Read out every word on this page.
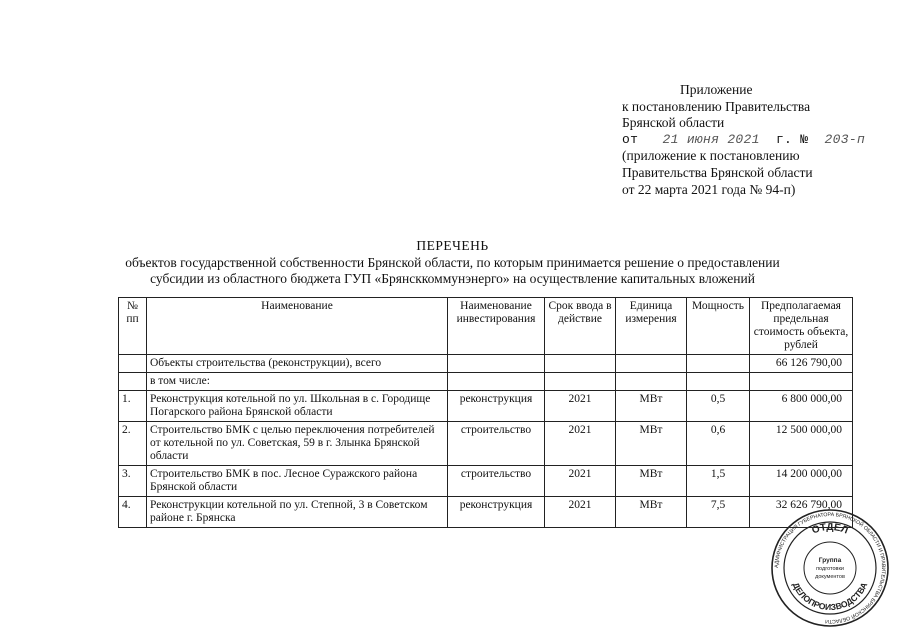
Приложение
к постановлению Правительства
Брянской области
от 21 июня 2021 г. № 203-п
(приложение к постановлению
Правительства Брянской области
от 22 марта 2021 года № 94-п)
ПЕРЕЧЕНЬ
объектов государственной собственности Брянской области, по которым принимается решение о предоставлении
субсидии из областного бюджета ГУП «Брянсккоммунэнерго» на осуществление капитальных вложений
№ пп	Наименование	Наименование инвестирования	Срок ввода в действие	Единица измерения	Мощность	Предполагаемая предельная стоимость объекта, рублей
	Объекты строительства (реконструкции), всего					66 126 790,00
	в том числе:					
1.	Реконструкция котельной по ул. Школьная в с. Городище Погарского района Брянской области	реконструкция	2021	МВт	0,5	6 800 000,00
2.	Строительство БМК с целью переключения потребителей от котельной по ул. Советская, 59 в г. Злынка Брянской области	строительство	2021	МВт	0,6	12 500 000,00
3.	Строительство БМК в пос. Лесное Суражского района Брянской области	строительство	2021	МВт	1,5	14 200 000,00
4.	Реконструкции котельной по ул. Степной, 3 в Советском районе г. Брянска	реконструкция	2021	МВт	7,5	32 626 790,00
АДМИНИСТРАЦИЯ ГУБЕРНАТОРА БРЯНСКОЙ ОБЛАСТИ И ПРАВИТЕЛЬСТВА БРЯНСКОЙ ОБЛАСТИ
ОТДЕЛ
ДЕЛОПРОИЗВОДСТВА
Группа
подготовки
документов
